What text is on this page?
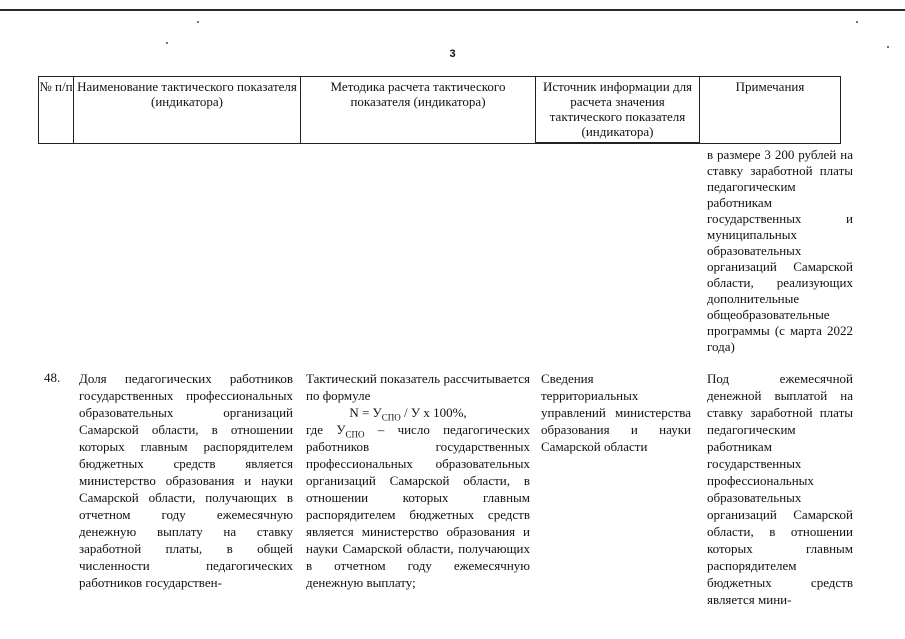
3
№ п/п Наименование тактического показателя (индикатора)
Методика расчета тактического показателя (индикатора)
Источник информации для расчета значения тактического показателя (индикатора)
Примечания
в размере 3 200 рублей на ставку заработной платы педагогическим работникам государственных и муниципальных образовательных организаций Самарской области, реализующих дополнительные общеобразовательные программы (с марта 2022 года)
48. Доля педагогических работников государственных профессиональных образовательных организаций Самарской области, в отношении которых главным распорядителем бюджетных средств является министерство образования и науки Самарской области, получающих в отчетном году ежемесячную денежную выплату на ставку заработной платы, в общей численности педагогических работников государствен-
Тактический показатель рассчитывается по формуле
$N = У_{СПО} / У$ х 100%,
где $У_{СПО}$ – число педагогических работников государственных профессиональных образовательных организаций Самарской области, в отношении которых главным распорядителем бюджетных средств является министерство образования и науки Самарской области, получающих в отчетном году ежемесячную денежную выплату;
Сведения территориальных управлений министерства образования и науки Самарской области
Под ежемесячной денежной выплатой на ставку заработной платы педагогическим работникам государственных профессиональных образовательных организаций Самарской области, в отношении которых главным распорядителем бюджетных средств является мини-
